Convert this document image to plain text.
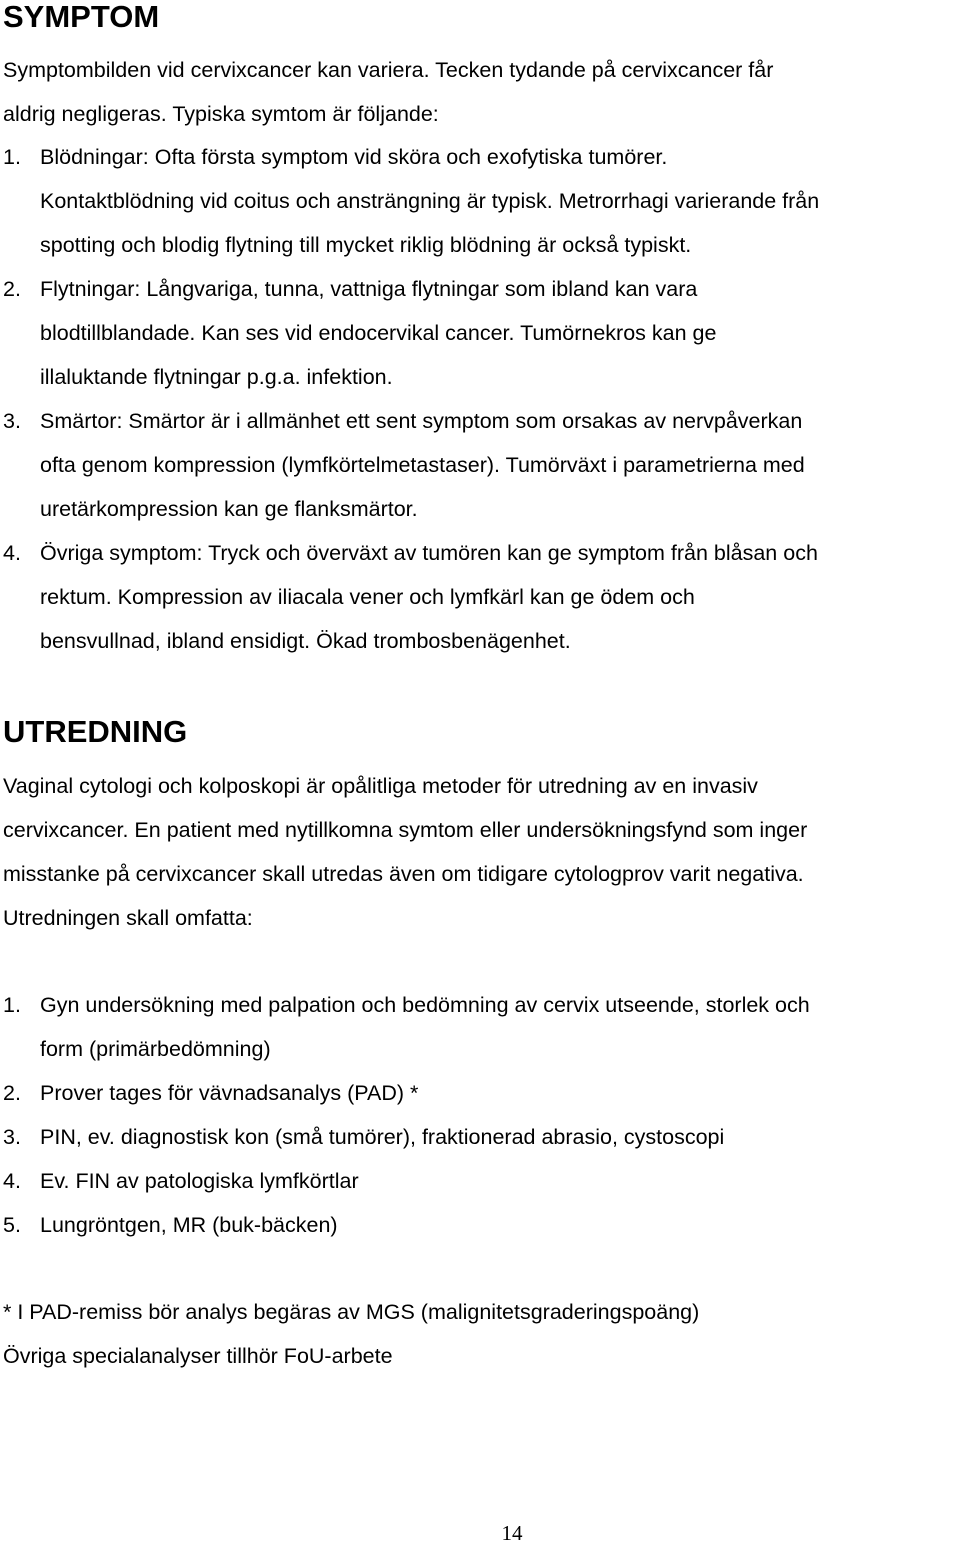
SYMPTOM

Symptombilden vid cervixcancer kan variera. Tecken tydande på cervixcancer får
aldrig negligeras. Typiska symtom är följande:

1. Blödningar: Ofta första symptom vid sköra och exofytiska tumörer.
Kontaktblödning vid coitus och ansträngning är typisk. Metrorrhagi varierande från
spotting och blodig flytning till mycket riklig blödning är också typiskt.
2. Flytningar: Långvariga, tunna, vattniga flytningar som ibland kan vara
blodtillblandade. Kan ses vid endocervikal cancer. Tumörnekros kan ge
illaluktande flytningar p.g.a. infektion.
3. Smärtor: Smärtor är i allmänhet ett sent symptom som orsakas av nervpåverkan
ofta genom kompression (lymfkörtelmetastaser). Tumörväxt i parametrierna med
uretärkompression kan ge flanksmärtor.
4. Övriga symptom: Tryck och överväxt av tumören kan ge symptom från blåsan och
rektum. Kompression av iliacala vener och lymfkärl kan ge ödem och
bensvullnad, ibland ensidigt. Ökad trombosbenägenhet.
UTREDNING

Vaginal cytologi och kolposkopi är opålitliga metoder för utredning av en invasiv
cervixcancer. En patient med nytillkomna symtom eller undersökningsfynd som inger
misstanke på cervixcancer skall utredas även om tidigare cytologprov varit negativa.
Utredningen skall omfatta:

1. Gyn undersökning med palpation och bedömning av cervix utseende, storlek och
form (primärbedömning)
2. Prover tages för vävnadsanalys (PAD) *
3. PIN, ev. diagnostisk kon (små tumörer), fraktionerad abrasio, cystoscopi
4. Ev. FIN av patologiska lymfkörtlar
5. Lungröntgen, MR (buk-bäcken)

* I PAD-remiss bör analys begäras av MGS (malignitetsgraderingspoäng)
Övriga specialanalyser tillhör FoU-arbete

14
